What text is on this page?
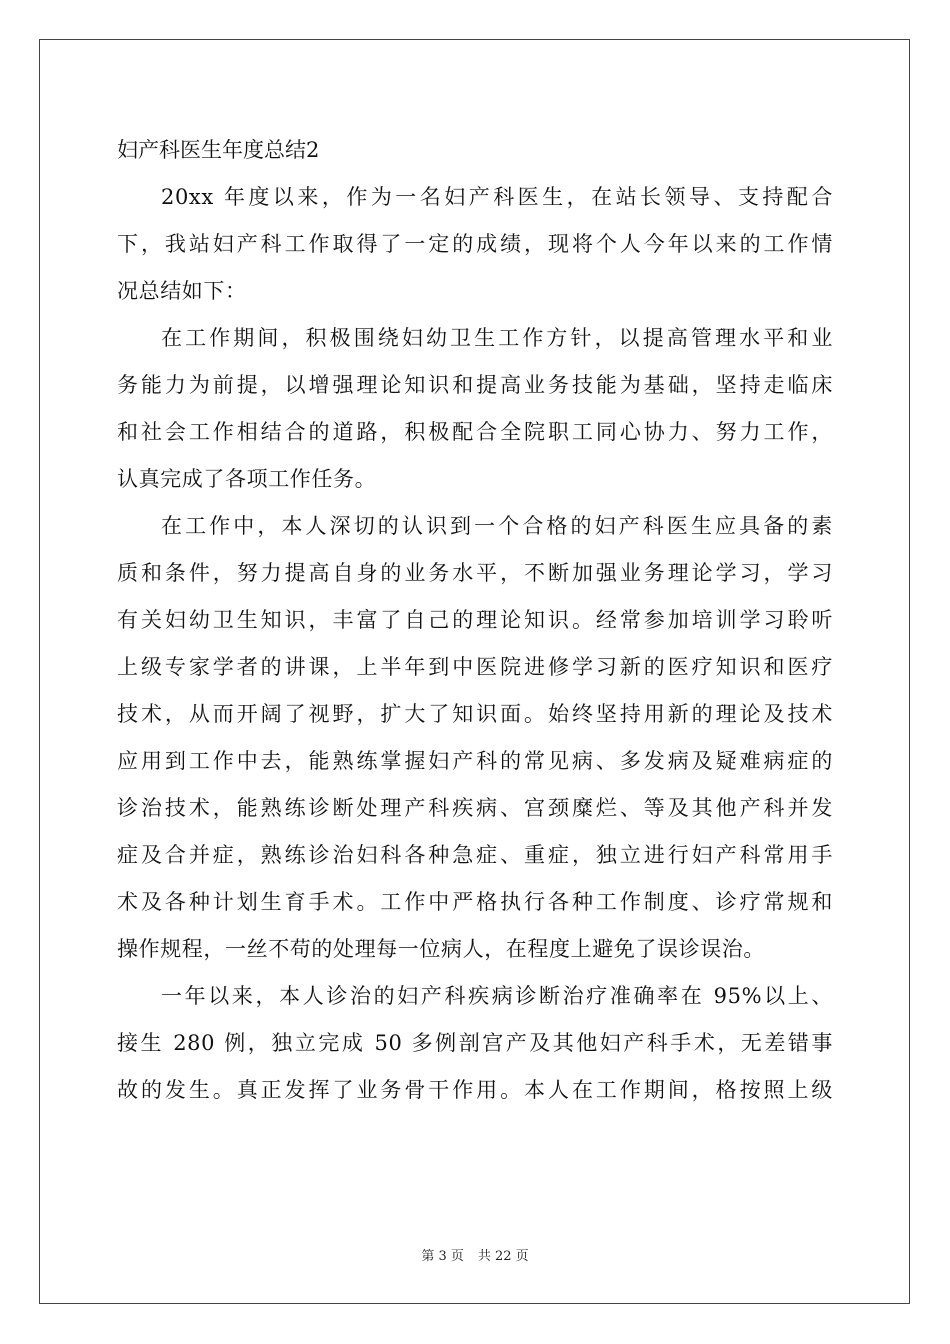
妇产科医生年度总结2
20xx 年度以来，作为一名妇产科医生，在站长领导、支持配合
下，我站妇产科工作取得了一定的成绩，现将个人今年以来的工作情
况总结如下：
在工作期间，积极围绕妇幼卫生工作方针，以提高管理水平和业
务能力为前提，以增强理论知识和提高业务技能为基础，坚持走临床
和社会工作相结合的道路，积极配合全院职工同心协力、努力工作，
认真完成了各项工作任务。
在工作中，本人深切的认识到一个合格的妇产科医生应具备的素
质和条件，努力提高自身的业务水平，不断加强业务理论学习，学习
有关妇幼卫生知识，丰富了自己的理论知识。经常参加培训学习聆听
上级专家学者的讲课，上半年到中医院进修学习新的医疗知识和医疗
技术，从而开阔了视野，扩大了知识面。始终坚持用新的理论及技术
应用到工作中去，能熟练掌握妇产科的常见病、多发病及疑难病症的
诊治技术，能熟练诊断处理产科疾病、宫颈糜烂、等及其他产科并发
症及合并症，熟练诊治妇科各种急症、重症，独立进行妇产科常用手
术及各种计划生育手术。工作中严格执行各种工作制度、诊疗常规和
操作规程，一丝不苟的处理每一位病人，在程度上避免了误诊误治。
一年以来，本人诊治的妇产科疾病诊断治疗准确率在 95%以上、
接生 280 例，独立完成 50 多例剖宫产及其他妇产科手术，无差错事
故的发生。真正发挥了业务骨干作用。本人在工作期间，格按照上级
第 3 页 共 22 页
